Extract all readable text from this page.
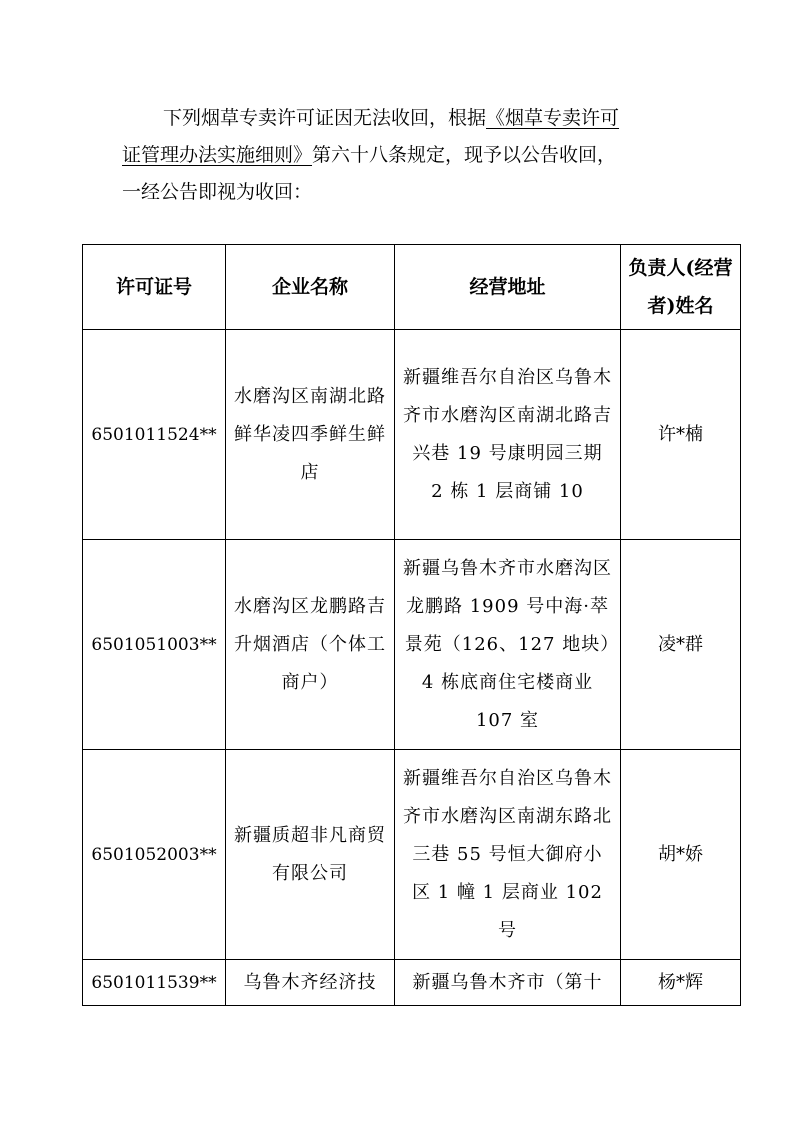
下列烟草专卖许可证因无法收回，根据《烟草专卖许可

证管理办法实施细则》第六十八条规定，现予以公告收回，

一经公告即视为收回：

许可证号	企业名称	经营地址	负责人(经营者)姓名
6501011524**	水磨沟区南湖北路鲜华凌四季鲜生鲜店	新疆维吾尔自治区乌鲁木齐市水磨沟区南湖北路吉兴巷 19 号康明园三期 2 栋 1 层商铺 10	许*楠
6501051003**	水磨沟区龙鹏路吉升烟酒店（个体工商户）	新疆乌鲁木齐市水磨沟区龙鹏路 1909 号中海·萃景苑（126、127 地块）4 栋底商住宅楼商业 107 室	凌*群
6501052003**	新疆质超非凡商贸有限公司	新疆维吾尔自治区乌鲁木齐市水磨沟区南湖东路北三巷 55 号恒大御府小区 1 幢 1 层商业 102 号	胡*娇
6501011539**	乌鲁木齐经济技	新疆乌鲁木齐市（第十	杨*辉
